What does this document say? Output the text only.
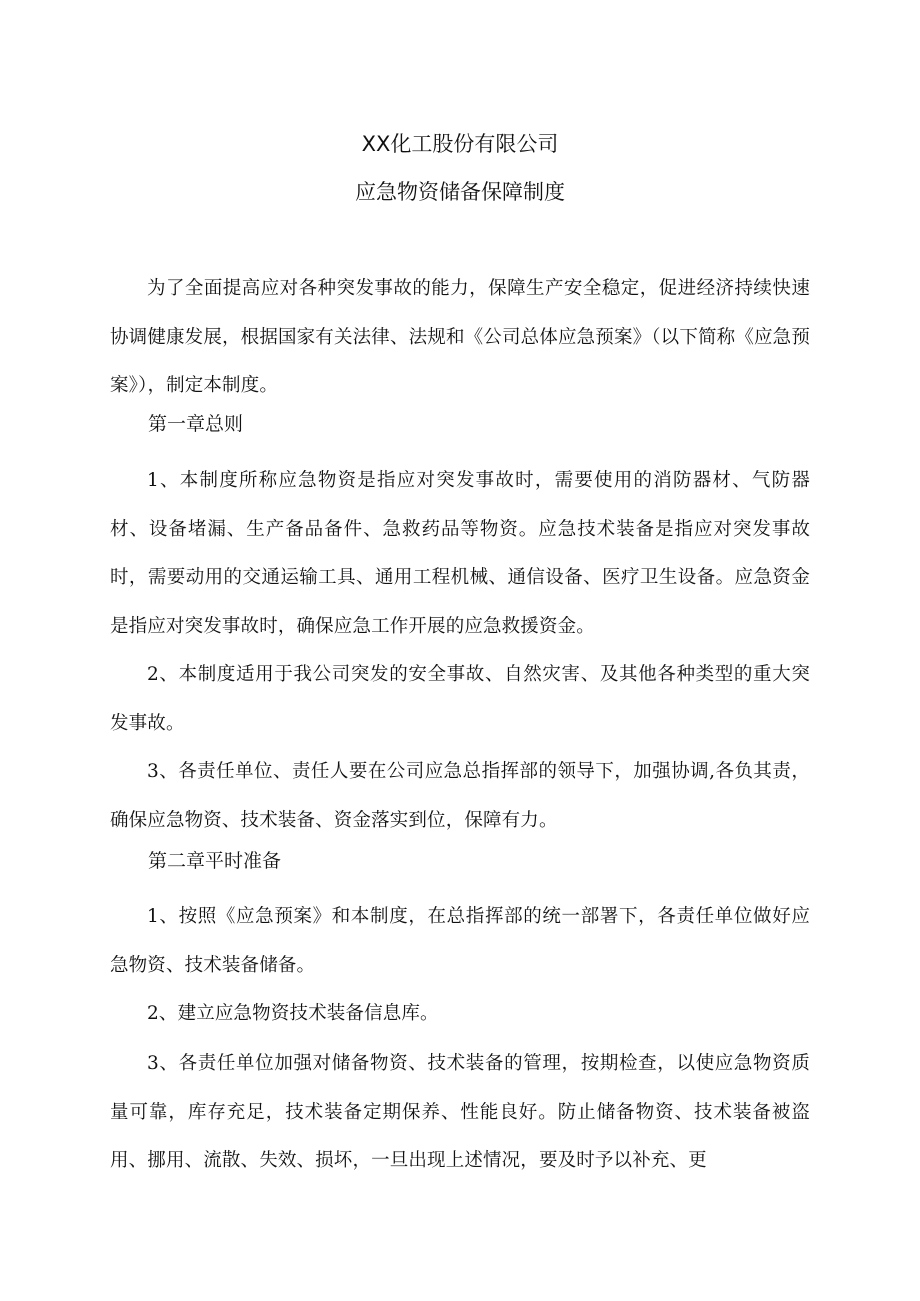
XX化工股份有限公司
应急物资储备保障制度

为了全面提高应对各种突发事故的能力，保障生产安全稳定，促进经济持续快速协调健康发展，根据国家有关法律、法规和《公司总体应急预案》（以下简称《应急预案》），制定本制度。

第一章总则

1、本制度所称应急物资是指应对突发事故时，需要使用的消防器材、气防器材、设备堵漏、生产备品备件、急救药品等物资。应急技术装备是指应对突发事故时，需要动用的交通运输工具、通用工程机械、通信设备、医疗卫生设备。应急资金是指应对突发事故时，确保应急工作开展的应急救援资金。

2、本制度适用于我公司突发的安全事故、自然灾害、及其他各种类型的重大突发事故。

3、各责任单位、责任人要在公司应急总指挥部的领导下，加强协调,各负其责，确保应急物资、技术装备、资金落实到位，保障有力。

第二章平时准备

1、按照《应急预案》和本制度，在总指挥部的统一部署下，各责任单位做好应急物资、技术装备储备。

2、建立应急物资技术装备信息库。

3、各责任单位加强对储备物资、技术装备的管理，按期检查，以使应急物资质量可靠，库存充足，技术装备定期保养、性能良好。防止储备物资、技术装备被盗用、挪用、流散、失效、损坏，一旦出现上述情况，要及时予以补充、更
